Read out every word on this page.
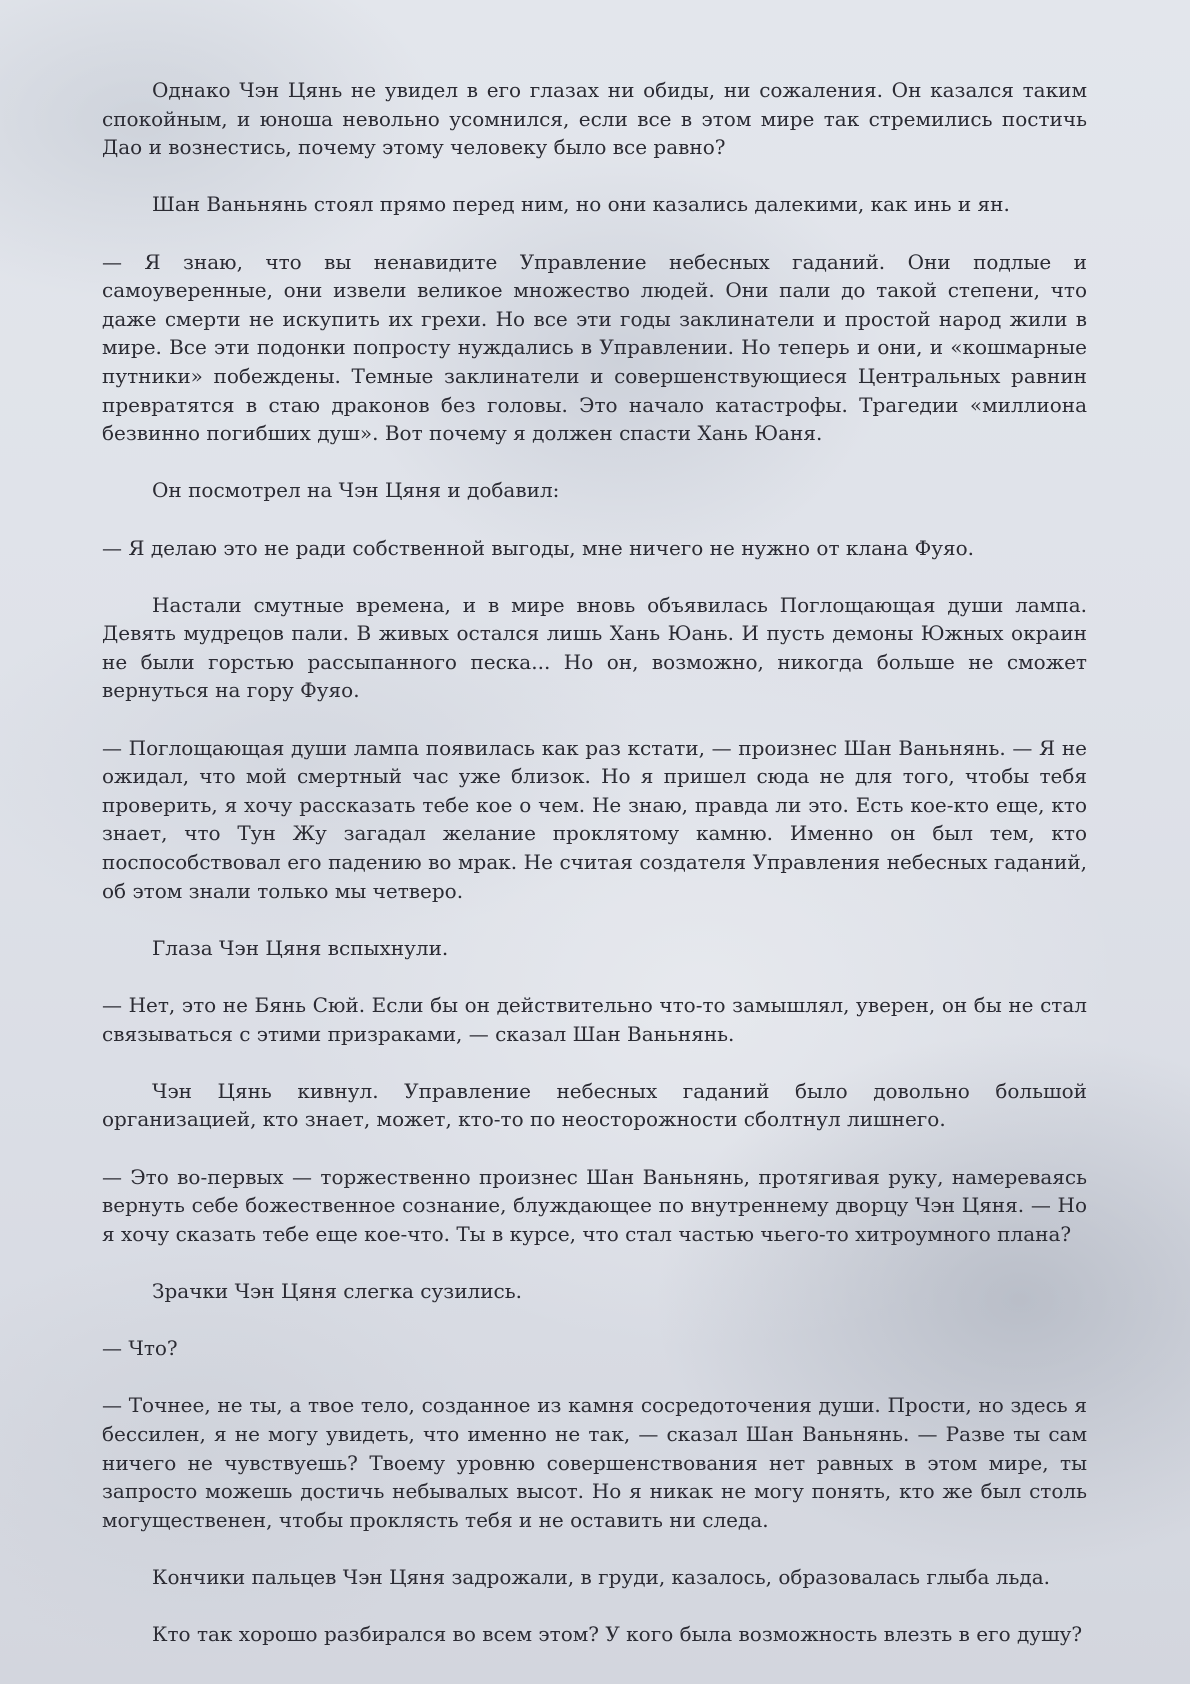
Однако Чэн Цянь не увидел в его глазах ни обиды, ни сожаления. Он казался таким спокойным, и юноша невольно усомнился, если все в этом мире так стремились постичь Дао и вознестись, почему этому человеку было все равно?

Шан Ваньнянь стоял прямо перед ним, но они казались далекими, как инь и ян.

— Я знаю, что вы ненавидите Управление небесных гаданий. Они подлые и самоуверенные, они извели великое множество людей. Они пали до такой степени, что даже смерти не искупить их грехи. Но все эти годы заклинатели и простой народ жили в мире. Все эти подонки попросту нуждались в Управлении. Но теперь и они, и «кошмарные путники» побеждены. Темные заклинатели и совершенствующиеся Центральных равнин превратятся в стаю драконов без головы. Это начало катастрофы. Трагедии «миллиона безвинно погибших душ». Вот почему я должен спасти Хань Юаня.

Он посмотрел на Чэн Цяня и добавил:

— Я делаю это не ради собственной выгоды, мне ничего не нужно от клана Фуяо.

Настали смутные времена, и в мире вновь объявилась Поглощающая души лампа. Девять мудрецов пали. В живых остался лишь Хань Юань. И пусть демоны Южных окраин не были горстью рассыпанного песка... Но он, возможно, никогда больше не сможет вернуться на гору Фуяо.

— Поглощающая души лампа появилась как раз кстати, — произнес Шан Ваньнянь. — Я не ожидал, что мой смертный час уже близок. Но я пришел сюда не для того, чтобы тебя проверить, я хочу рассказать тебе кое о чем. Не знаю, правда ли это. Есть кое-кто еще, кто знает, что Тун Жу загадал желание проклятому камню. Именно он был тем, кто поспособствовал его падению во мрак. Не считая создателя Управления небесных гаданий, об этом знали только мы четверо.

Глаза Чэн Цяня вспыхнули.

— Нет, это не Бянь Сюй. Если бы он действительно что-то замышлял, уверен, он бы не стал связываться с этими призраками, — сказал Шан Ваньнянь.

Чэн Цянь кивнул. Управление небесных гаданий было довольно большой организацией, кто знает, может, кто-то по неосторожности сболтнул лишнего.

— Это во-первых — торжественно произнес Шан Ваньнянь, протягивая руку, намереваясь вернуть себе божественное сознание, блуждающее по внутреннему дворцу Чэн Цяня. — Но я хочу сказать тебе еще кое-что. Ты в курсе, что стал частью чьего-то хитроумного плана?

Зрачки Чэн Цяня слегка сузились.

— Что?

— Точнее, не ты, а твое тело, созданное из камня сосредоточения души. Прости, но здесь я бессилен, я не могу увидеть, что именно не так, — сказал Шан Ваньнянь. — Разве ты сам ничего не чувствуешь? Твоему уровню совершенствования нет равных в этом мире, ты запросто можешь достичь небывалых высот. Но я никак не могу понять, кто же был столь могущественен, чтобы проклясть тебя и не оставить ни следа.

Кончики пальцев Чэн Цяня задрожали, в груди, казалось, образовалась глыба льда.

Кто так хорошо разбирался во всем этом? У кого была возможность влезть в его душу?
